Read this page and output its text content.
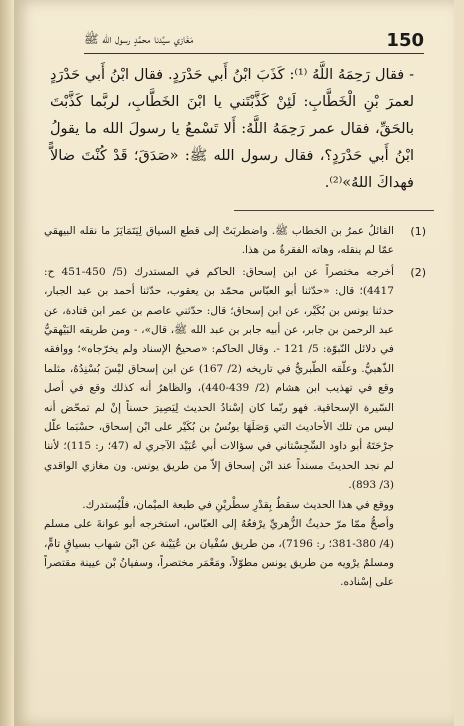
150
مَغَازي سيِّدنا محمَّدٍ رسول الله ﷺ

- فقال رَحِمَهُ اللَّهُ ⁽¹⁾: كَذَبَ ابْنُ أَبي حَدْرَدٍ. فقال ابْنُ أَبي حَدْرَدٍ لعمرَ بْنِ الْخَطَّابِ: لَئِنْ كَذَّبْتَني يا ابْنَ الخَطَّابِ، لربَّما كَذَّبْتَ بالحَقِّ، فقال عمر رَحِمَهُ اللَّهُ: أَلا تَسْمعُ يا رسولَ الله ما يقولُ ابْنُ أَبي حَدْرَدٍ؟، فقال رسول الله ﷺ: «صَدَقَ؛ قَدْ كُنْتَ ضالاًّ فهداكَ اللهُ»⁽²⁾.

(1)

القائلُ عمرُ بن الخطاب ﷺ. واضطربَتْ إلى قطع السياق لِيَتَمَايَزَ ما نقله البيهقي عمّا لم ينقله، وهاته الفقرةُ من هذا.

(2)

أخرجه مختصراً عن ابن إسحاق: الحاكم في المستدرك (5/ 450-451 ح: 4417)؛ قال: «حدّثنا أبو العبّاس محمّد بن يعقوب، حدّثنا أحمد بن عبد الجبار، حدثنا يونس بن بُكَيْر، عن ابن إسحاق؛ قال: حدّثني عاصم بن عمر ابن قتادة، عن عبد الرحمن بن جابر، عن أبيه جابر بن عبد الله ﷺ، قال»، - ومن طريقه البَيْهقيُّ في دلائل النّبوّة: 5/ 121 -. وقال الحاكم: «صحيحُ الإسناد ولم يخرّجاه»؛ ووافقه الذّهبيُّ. وعلّقه الطّبريُّ في تاريخه (2/ 167) عن ابن إسحاق ليْسَ بُسْنِدُهُ، مثلما وقع في تهذيب ابن هشام (2/ 439-440)، والظاهرُ أنه كذلك وقع في أصل السّيرة الإسحاقية. فهو ربّما كان إسْنادُ الحديث لِيَصِيرَ حسناً إنْ لم تمحّض أنه ليس من تلك الأحاديث التي وَصَلَهَا يونُسُ بن بُكَيْر على ابْن إسحاق، حسْبَما علّل جرْحَتَهُ أبو داود السِّجِسْتاني في سؤالات أبي عُبَيْد الآجري له (47؛ ر: 115)؛ لأننا لم نجد الحديثَ مسنداً عند ابْن إسحاق إلاّ من طريق يونس. ون مغازي الواقدي (3/ 893).

ووقع في هذا الحديث سقطٌ بِقدْرِ سطْريْنِ في طبعة الميْمان، فلْيُستدرك.

وأصحُّ ممّا مرّ حديثُ الزُّهريِّ يرْفعُهُ إلى العبّاس، استخرجه أبو عوانةَ على مسلم (4/ 380-381؛ ر: 7196)، من طريق سُفْيان بن عُيَيْنة عن ابْن شهاب بسياقٍ تامٍّ، ومسلمٌ يرْويه من طريق يونس مطوّلاً، ومَعْمَر مختصراً، وسفيانُ بْن عيينة مقتصراً على إسْناده.
